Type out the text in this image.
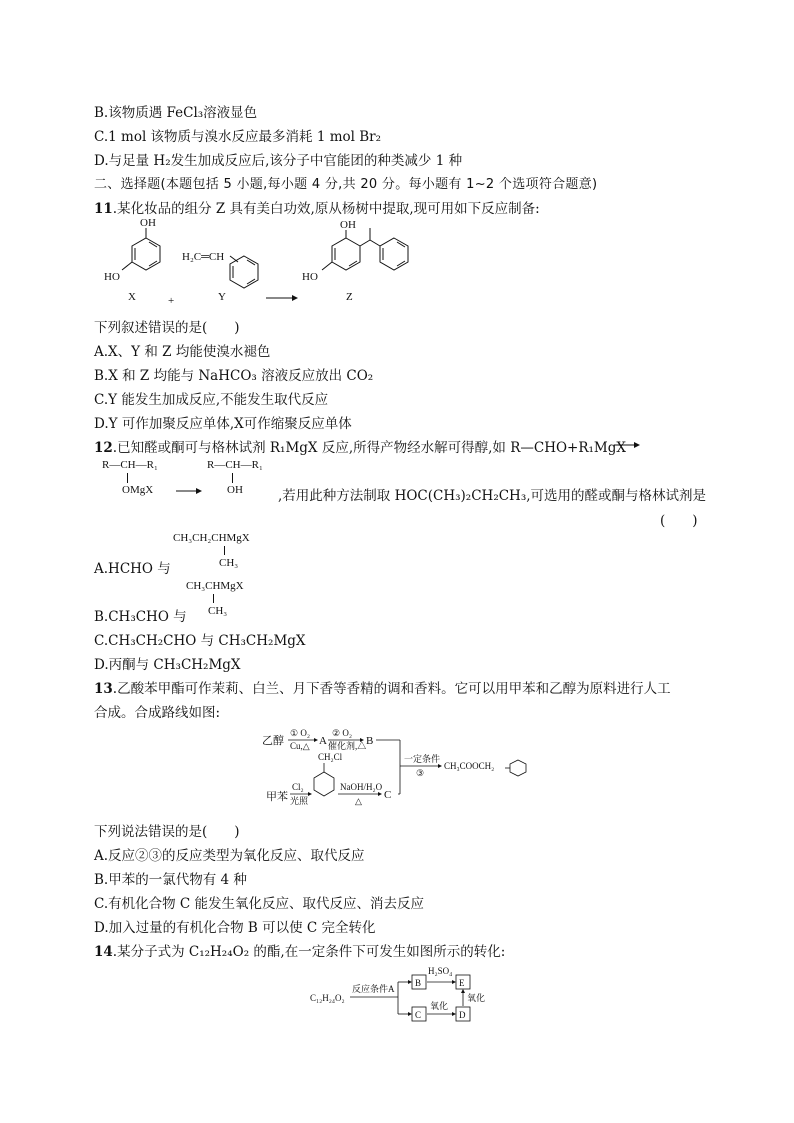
B.该物质遇 FeCl₃溶液显色
C.1 mol 该物质与溴水反应最多消耗 1 mol Br₂
D.与足量 H₂发生加成反应后,该分子中官能团的种类减少 1 种
二、选择题(本题包括 5 小题,每小题 4 分,共 20 分。每小题有 1~2 个选项符合题意)
11.某化妆品的组分 Z 具有美白功效,原从杨树中提取,现可用如下反应制备:
OH
HO
X	+
H₂C═CH
Y
OH
HO
Z
下列叙述错误的是(　　)
A.X、Y 和 Z 均能使溴水褪色
B.X 和 Z 均能与 NaHCO₃ 溶液反应放出 CO₂
C.Y 能发生加成反应,不能发生取代反应
D.Y 可作加聚反应单体,X可作缩聚反应单体
12.已知醛或酮可与格林试剂 R₁MgX 反应,所得产物经水解可得醇,如 R—CHO+R₁MgX
R—CH—R₁
OMgX
R—CH—R₁
OH	,若用此种方法制取 HOC(CH₃)₂CH₂CH₃,可选用的醛或酮与格林试剂是
(　　)
CH₃CH₂CHMgX
CH₃
A.HCHO 与
CH₃CHMgX
CH₃
B.CH₃CHO 与
C.CH₃CH₂CHO 与 CH₃CH₂MgX
D.丙酮与 CH₃CH₂MgX
13.乙酸苯甲酯可作茉莉、白兰、月下香等香精的调和香料。它可以用甲苯和乙醇为原料进行人工
合成。合成路线如图:
乙醇
① O₂
Cu,△ A
② O₂
催化剂,△ B
一定条件
③
CH₃COOCH₂
甲苯
Cl₂
光照
CH₂Cl
NaOH/H₂O
△ C
下列说法错误的是(　　)
A.反应②③的反应类型为氧化反应、取代反应
B.甲苯的一氯代物有 4 种
C.有机化合物 C 能发生氧化反应、取代反应、消去反应
D.加入过量的有机化合物 B 可以使 C 完全转化
14.某分子式为 C₁₂H₂₄O₂ 的酯,在一定条件下可发生如图所示的转化:
C₁₂H₂₄O₂
反应条件A
B
H₂SO₄
E
C
氧化
D
氧化
